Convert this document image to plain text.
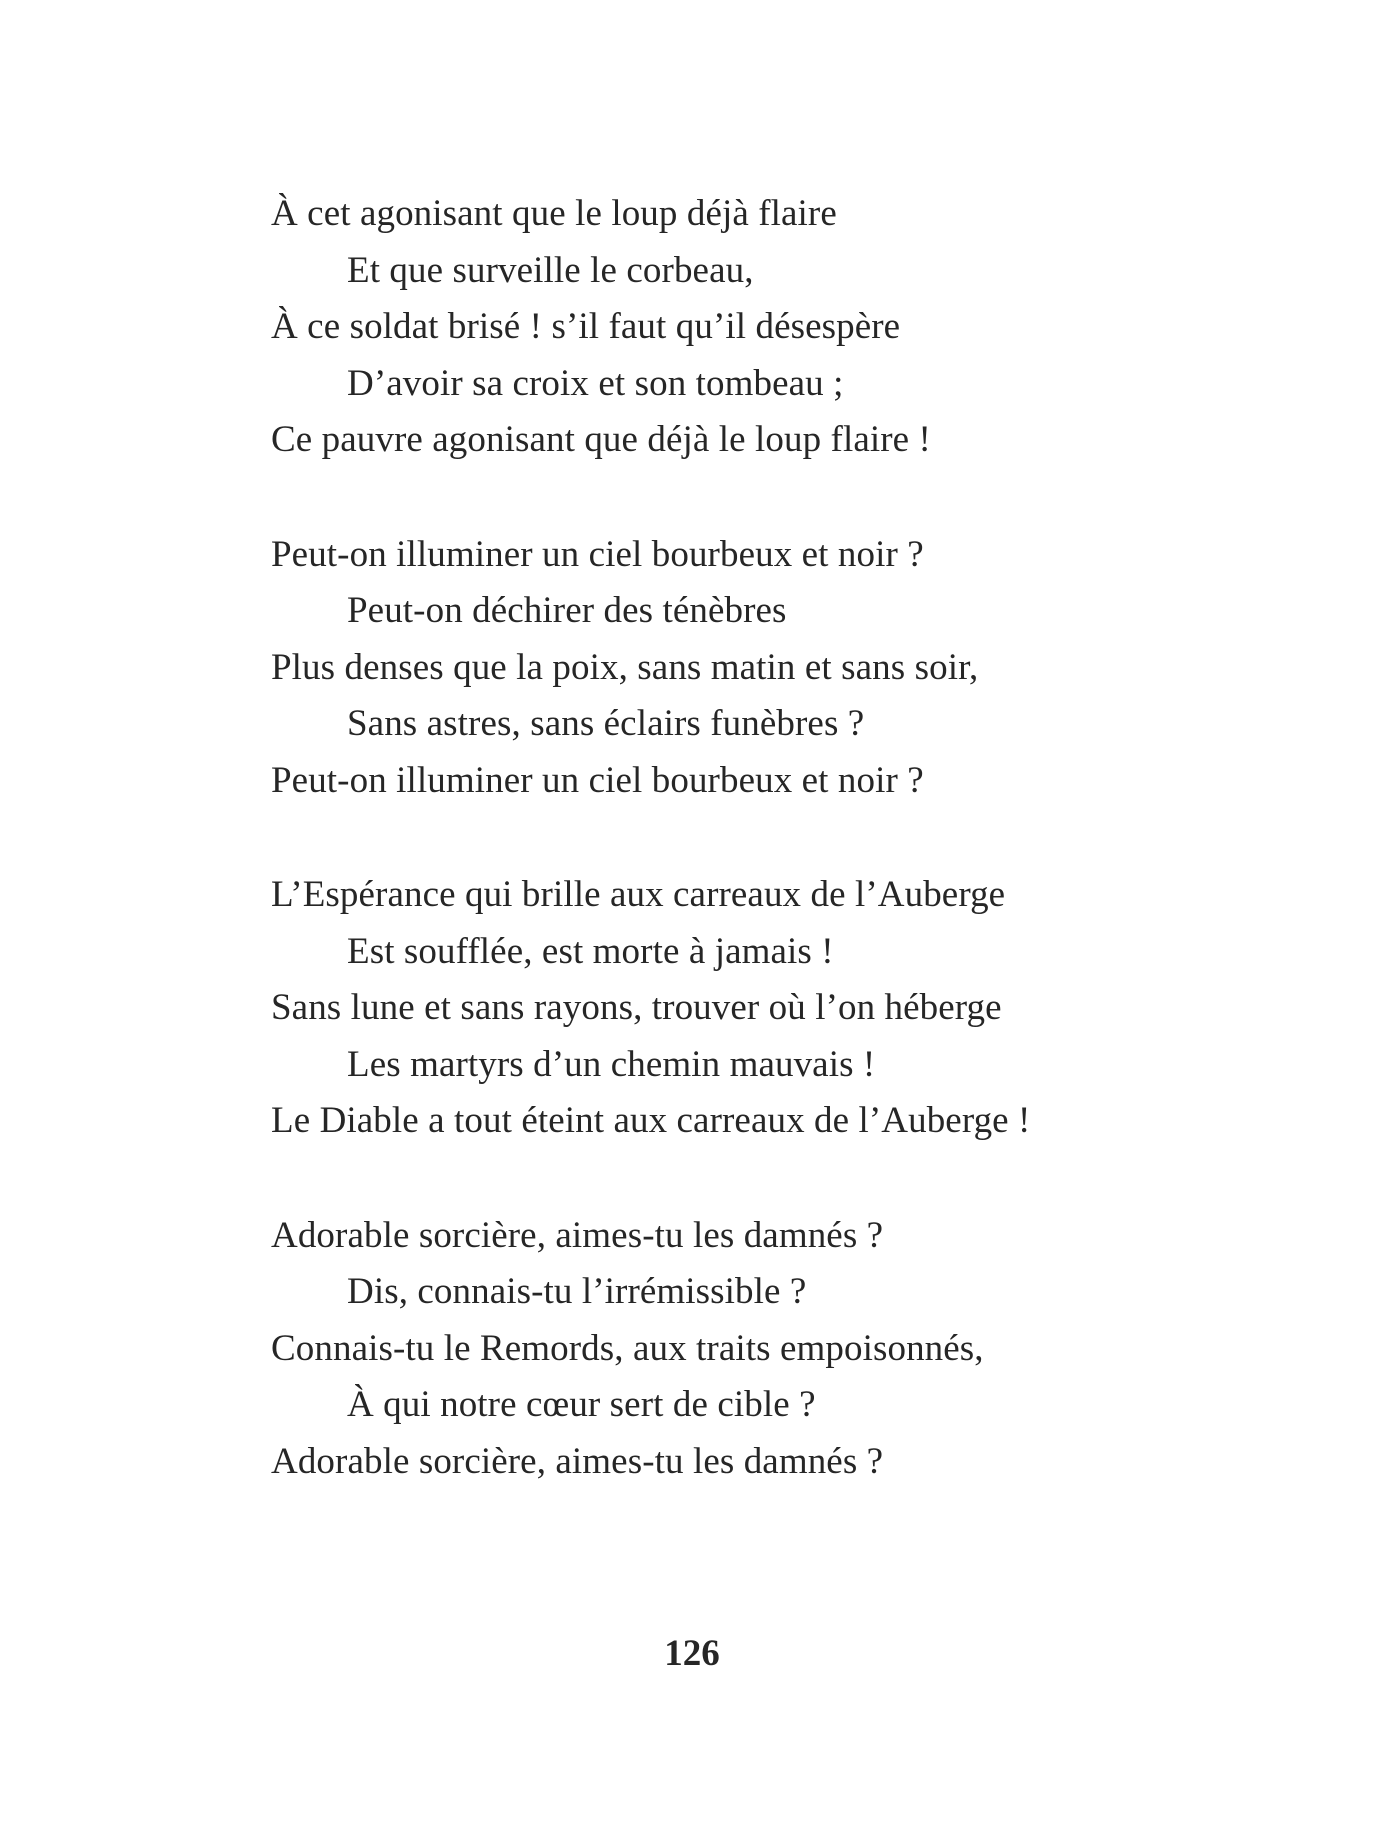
À cet agonisant que le loup déjà flaire
Et que surveille le corbeau,
À ce soldat brisé ! s’il faut qu’il désespère
D’avoir sa croix et son tombeau ;
Ce pauvre agonisant que déjà le loup flaire !
Peut-on illuminer un ciel bourbeux et noir ?
Peut-on déchirer des ténèbres
Plus denses que la poix, sans matin et sans soir,
Sans astres, sans éclairs funèbres ?
Peut-on illuminer un ciel bourbeux et noir ?
L’Espérance qui brille aux carreaux de l’Auberge
Est soufflée, est morte à jamais !
Sans lune et sans rayons, trouver où l’on héberge
Les martyrs d’un chemin mauvais !
Le Diable a tout éteint aux carreaux de l’Auberge !
Adorable sorcière, aimes-tu les damnés ?
Dis, connais-tu l’irrémissible ?
Connais-tu le Remords, aux traits empoisonnés,
À qui notre cœur sert de cible ?
Adorable sorcière, aimes-tu les damnés ?
126
